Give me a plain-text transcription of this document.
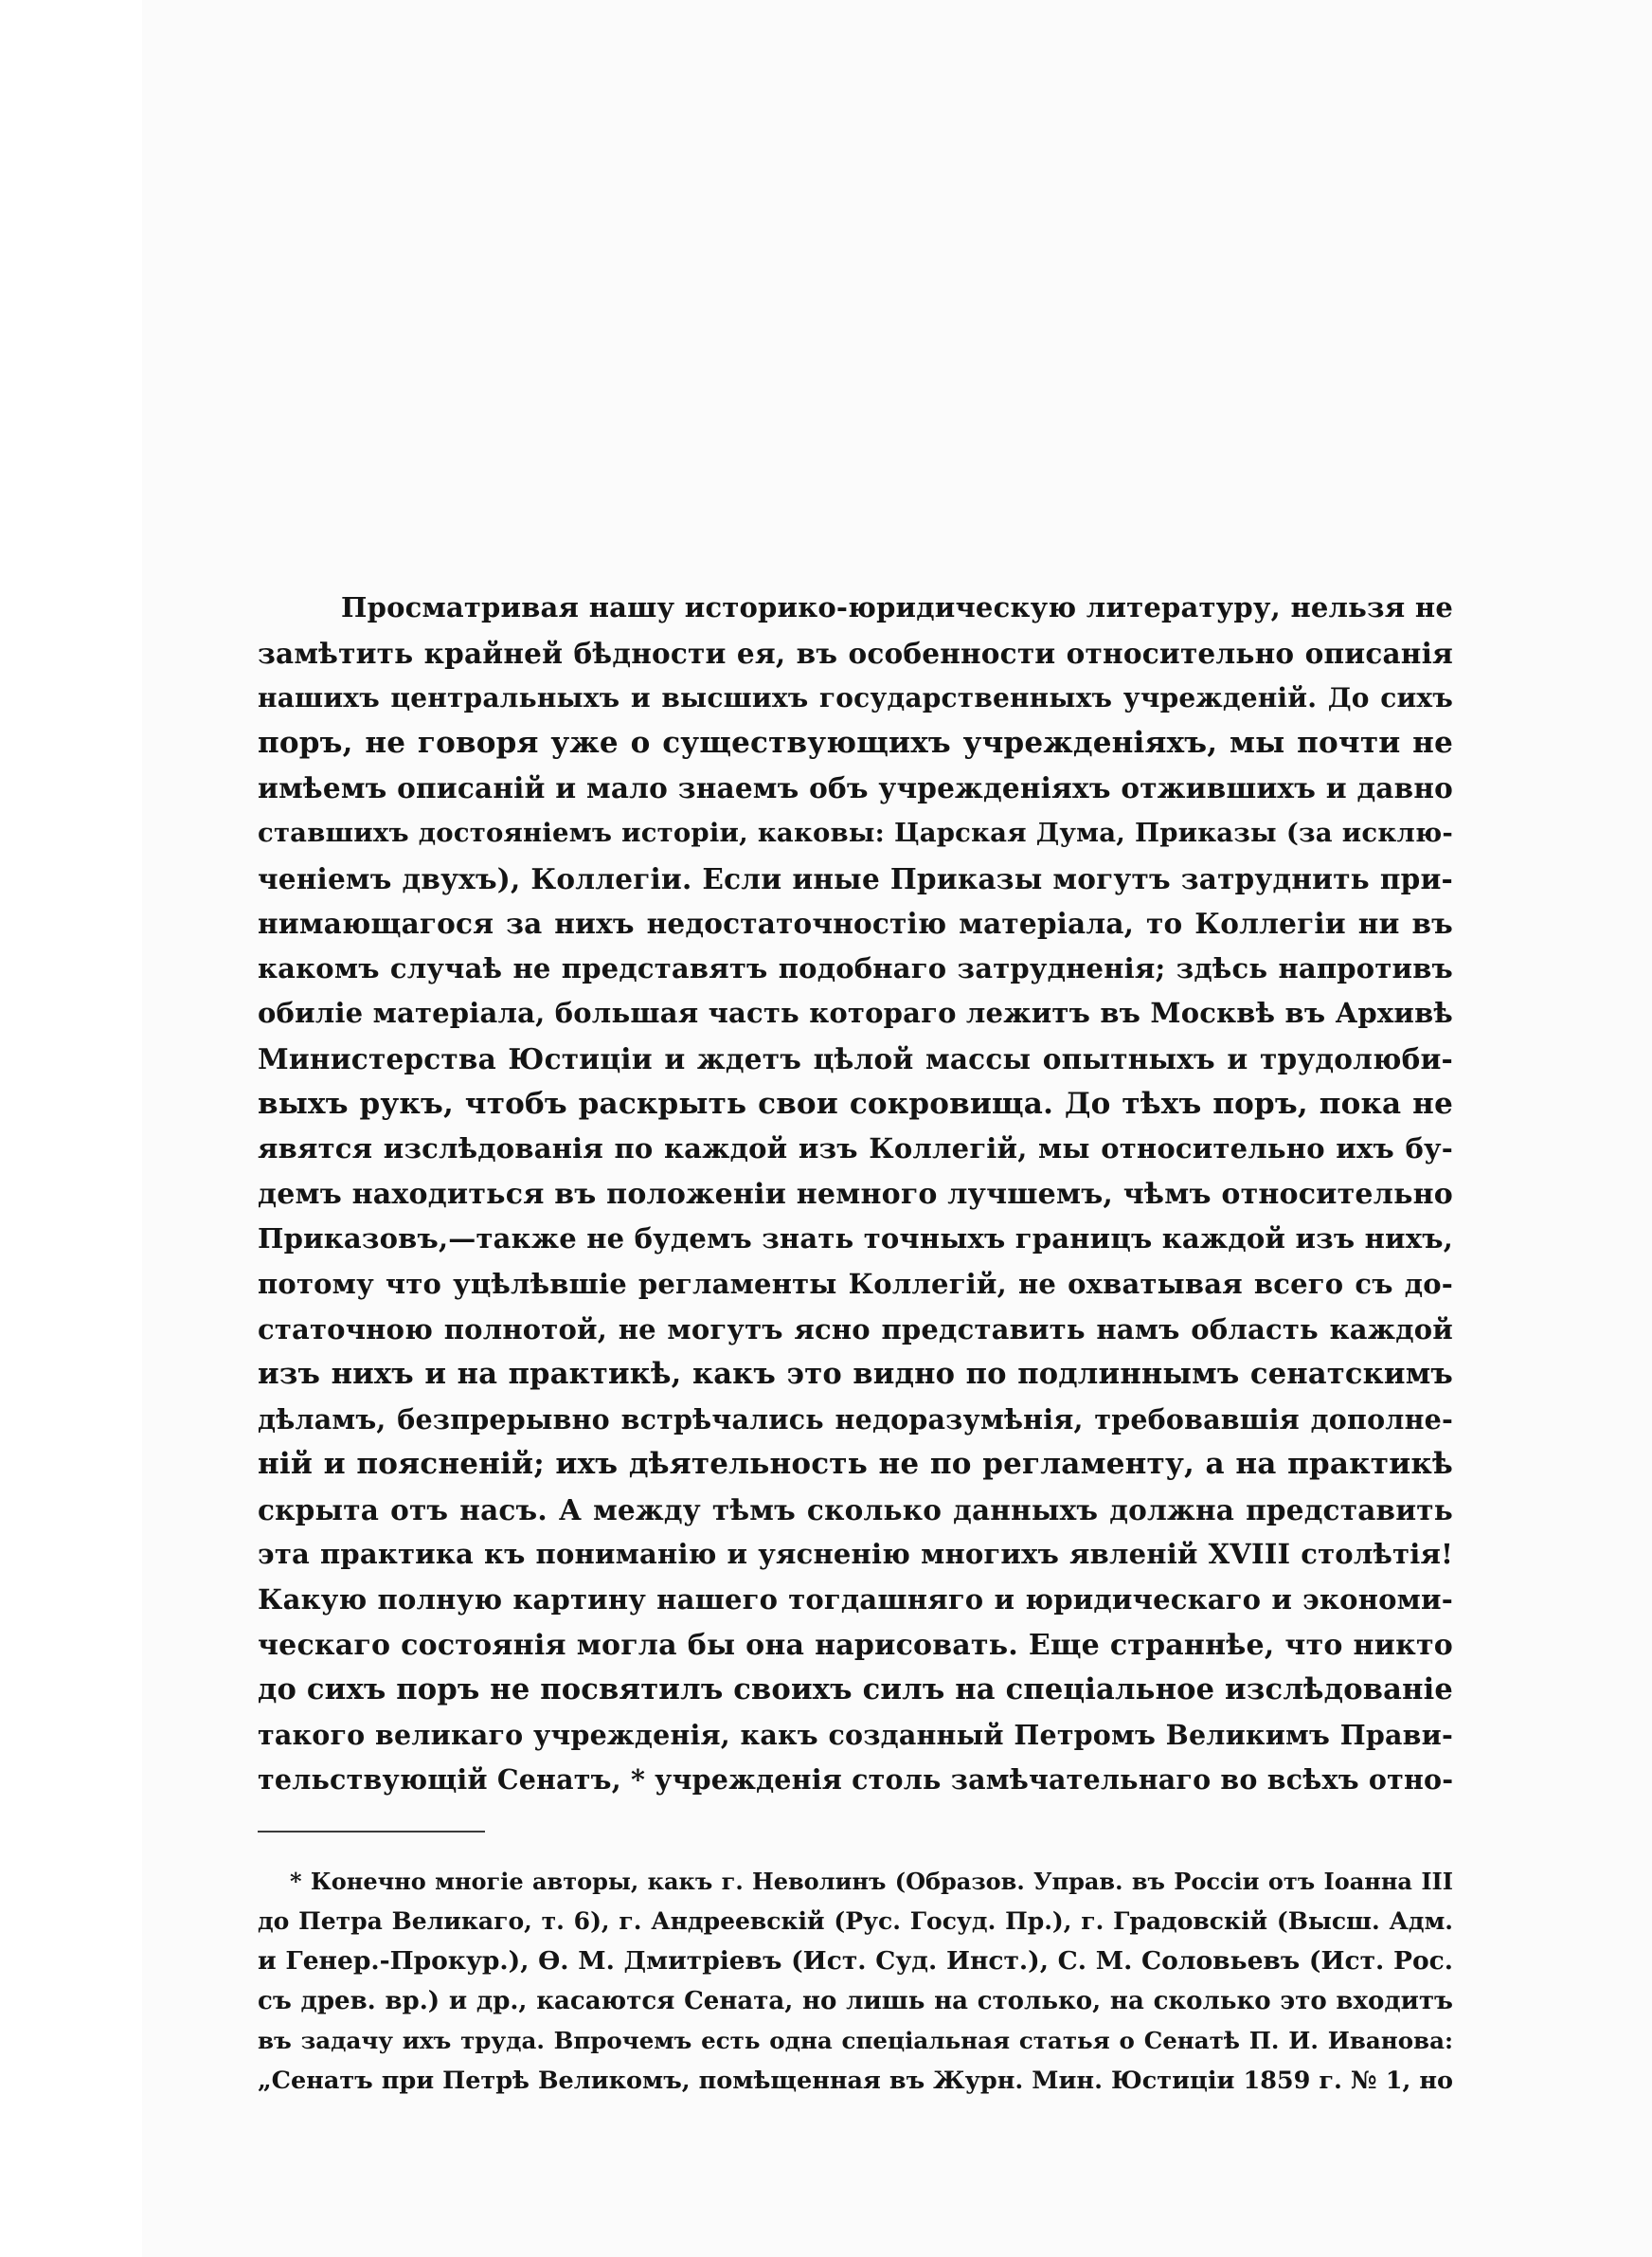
Просматривая нашу историко-юридическую литературу, нельзя не
замѣтить крайней бѣдности ея, въ особенности относительно описанія
нашихъ центральныхъ и высшихъ государственныхъ учрежденій. До сихъ
поръ, не говоря уже о существующихъ учрежденіяхъ, мы почти не
имѣемъ описаній и мало знаемъ объ учрежденіяхъ отжившихъ и давно
ставшихъ достояніемъ исторіи, каковы: Царская Дума, Приказы (за исклю-
ченіемъ двухъ), Коллегіи. Если иные Приказы могутъ затруднить при-
нимающагося за нихъ недостаточностію матеріала, то Коллегіи ни въ
какомъ случаѣ не представятъ подобнаго затрудненія; здѣсь напротивъ
обиліе матеріала, большая часть котораго лежитъ въ Москвѣ въ Архивѣ
Министерства Юстиціи и ждетъ цѣлой массы опытныхъ и трудолюби-
выхъ рукъ, чтобъ раскрыть свои сокровища. До тѣхъ поръ, пока не
явятся изслѣдованія по каждой изъ Коллегій, мы относительно ихъ бу-
демъ находиться въ положеніи немного лучшемъ, чѣмъ относительно
Приказовъ,—также не будемъ знать точныхъ границъ каждой изъ нихъ,
потому что уцѣлѣвшіе регламенты Коллегій, не охватывая всего съ до-
статочною полнотой, не могутъ ясно представить намъ область каждой
изъ нихъ и на практикѣ, какъ это видно по подлиннымъ сенатскимъ
дѣламъ, безпрерывно встрѣчались недоразумѣнія, требовавшія дополне-
ній и поясненій; ихъ дѣятельность не по регламенту, а на практикѣ
скрыта отъ насъ. А между тѣмъ сколько данныхъ должна представить
эта практика къ пониманію и уясненію многихъ явленій XVIII столѣтія!
Какую полную картину нашего тогдашняго и юридическаго и экономи-
ческаго состоянія могла бы она нарисовать. Еще страннѣе, что никто
до сихъ поръ не посвятилъ своихъ силъ на спеціальное изслѣдованіе
такого великаго учрежденія, какъ созданный Петромъ Великимъ Прави-
тельствующій Сенатъ, * учрежденія столь замѣчательнаго во всѣхъ отно-
* Конечно многіе авторы, какъ г. Неволинъ (Образов. Управ. въ Россіи отъ Іоанна III
до Петра Великаго, т. 6), г. Андреевскій (Рус. Госуд. Пр.), г. Градовскій (Высш. Адм.
и Генер.-Прокур.), Ө. М. Дмитріевъ (Ист. Суд. Инст.), С. М. Соловьевъ (Ист. Рос.
съ древ. вр.) и др., касаются Сената, но лишь на столько, на сколько это входитъ
въ задачу ихъ труда. Впрочемъ есть одна спеціальная статья о Сенатѣ П. И. Иванова:
„Сенатъ при Петрѣ Великомъ, помѣщенная въ Журн. Мин. Юстиціи 1859 г. № 1, но
